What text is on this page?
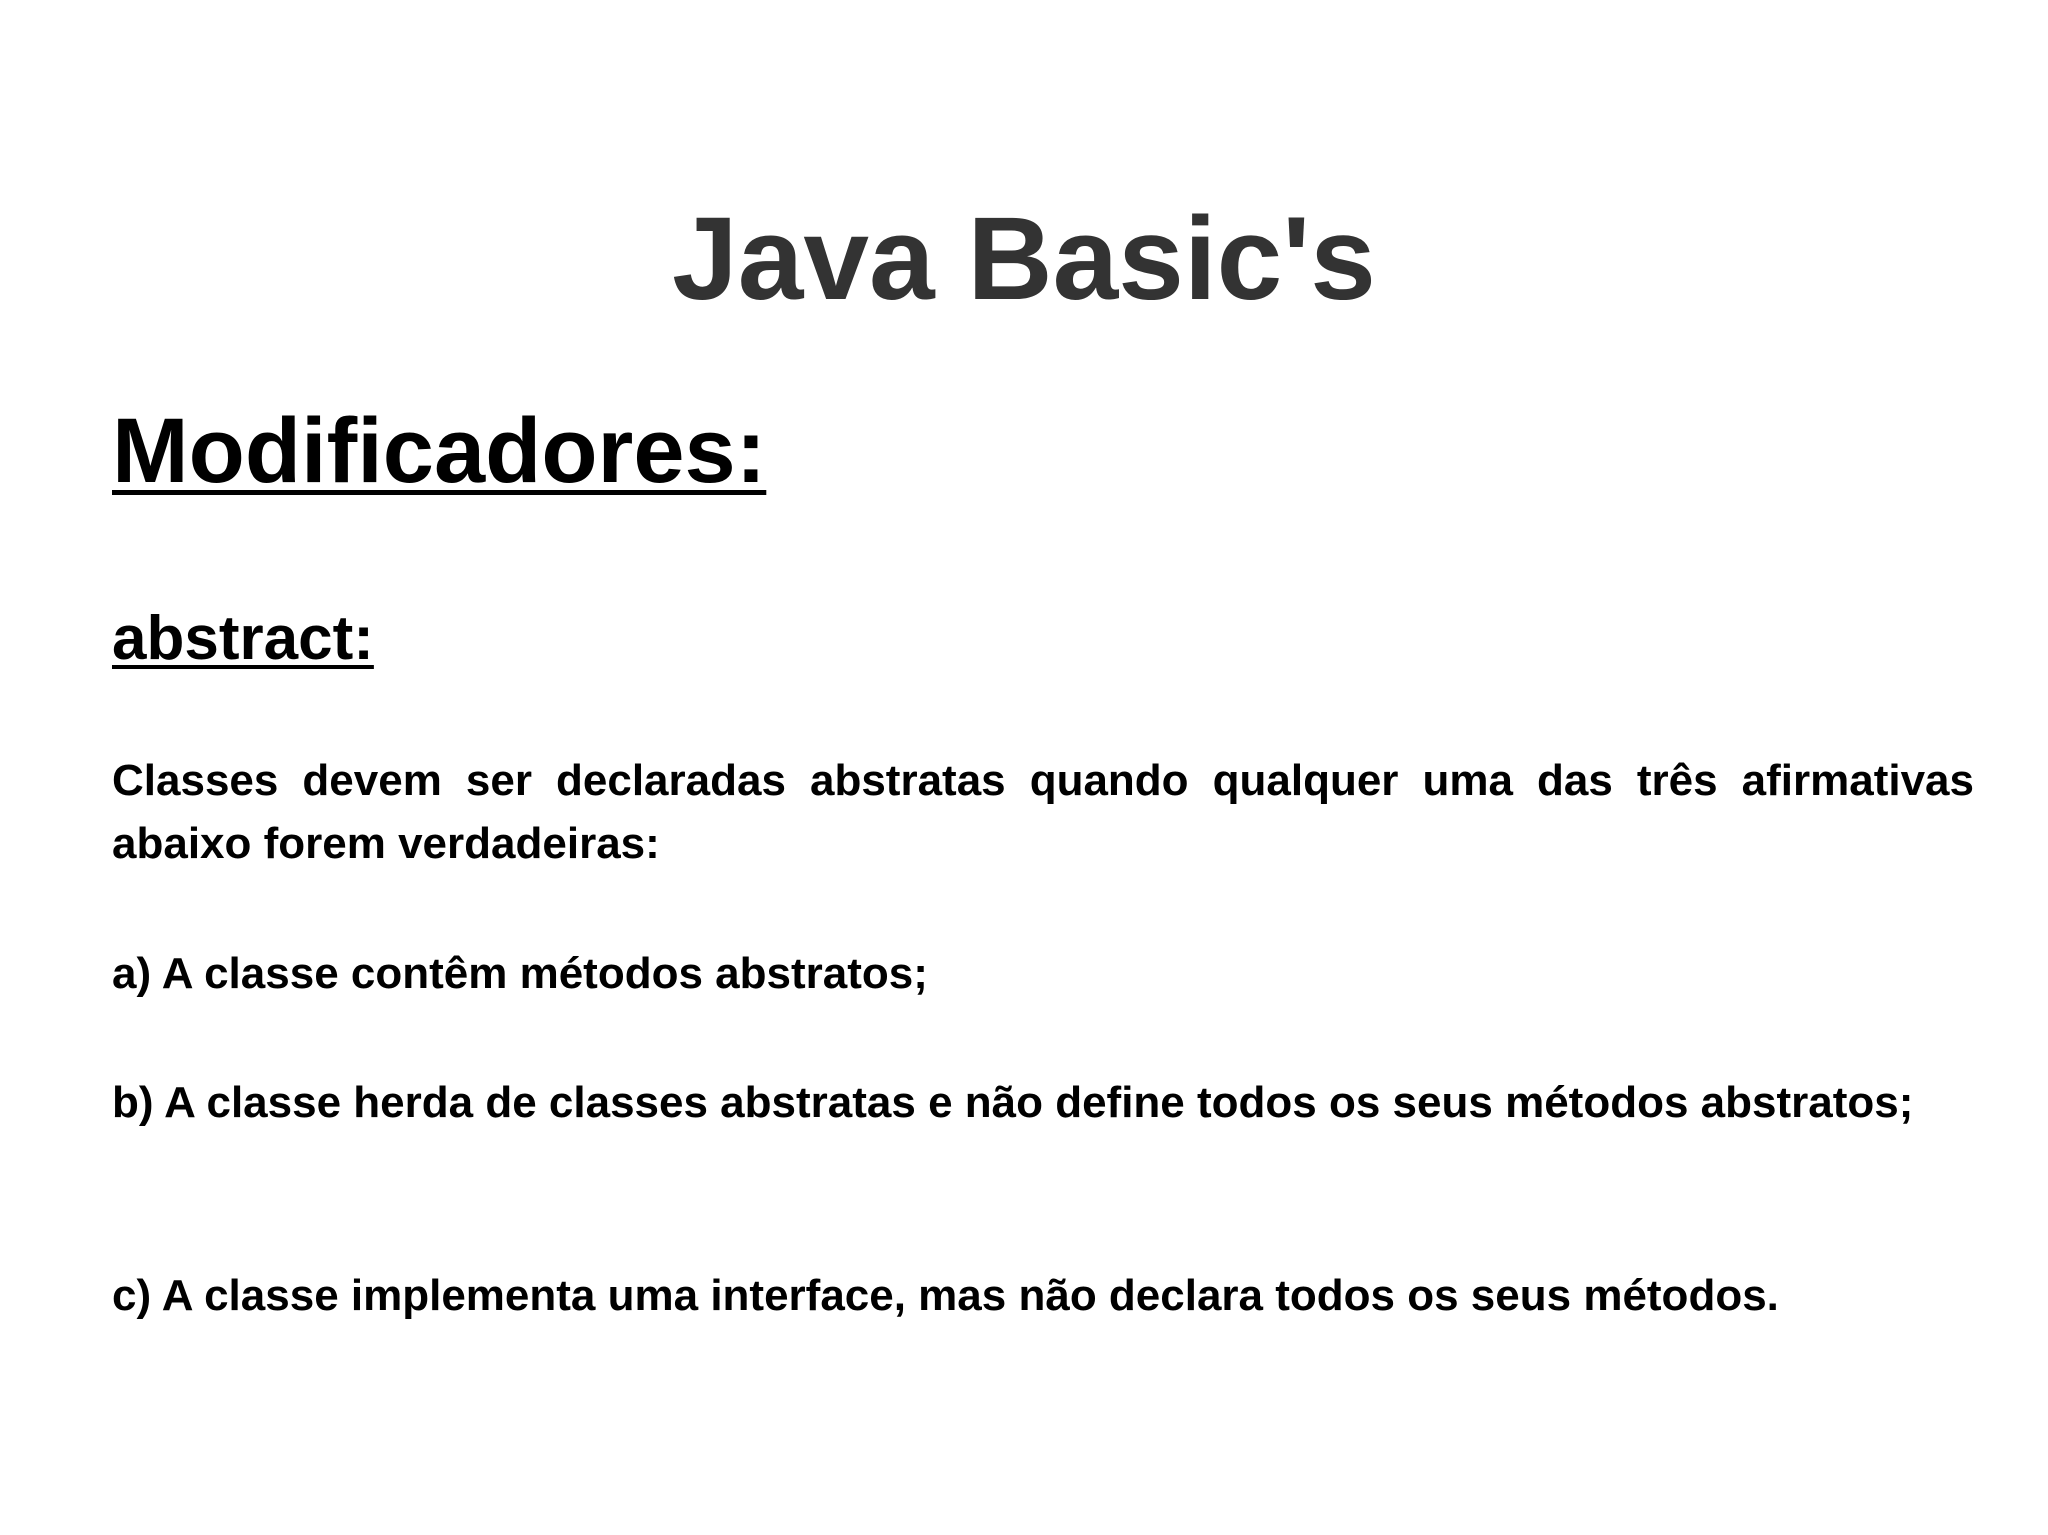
Java Basic's
Modificadores:
abstract:

Classes devem ser declaradas abstratas quando qualquer uma das três afirmativas abaixo forem verdadeiras:

a) A classe contêm métodos abstratos;

b) A classe herda de classes abstratas e não define todos os seus métodos abstratos;

c) A classe implementa uma interface, mas não declara todos os seus métodos.
